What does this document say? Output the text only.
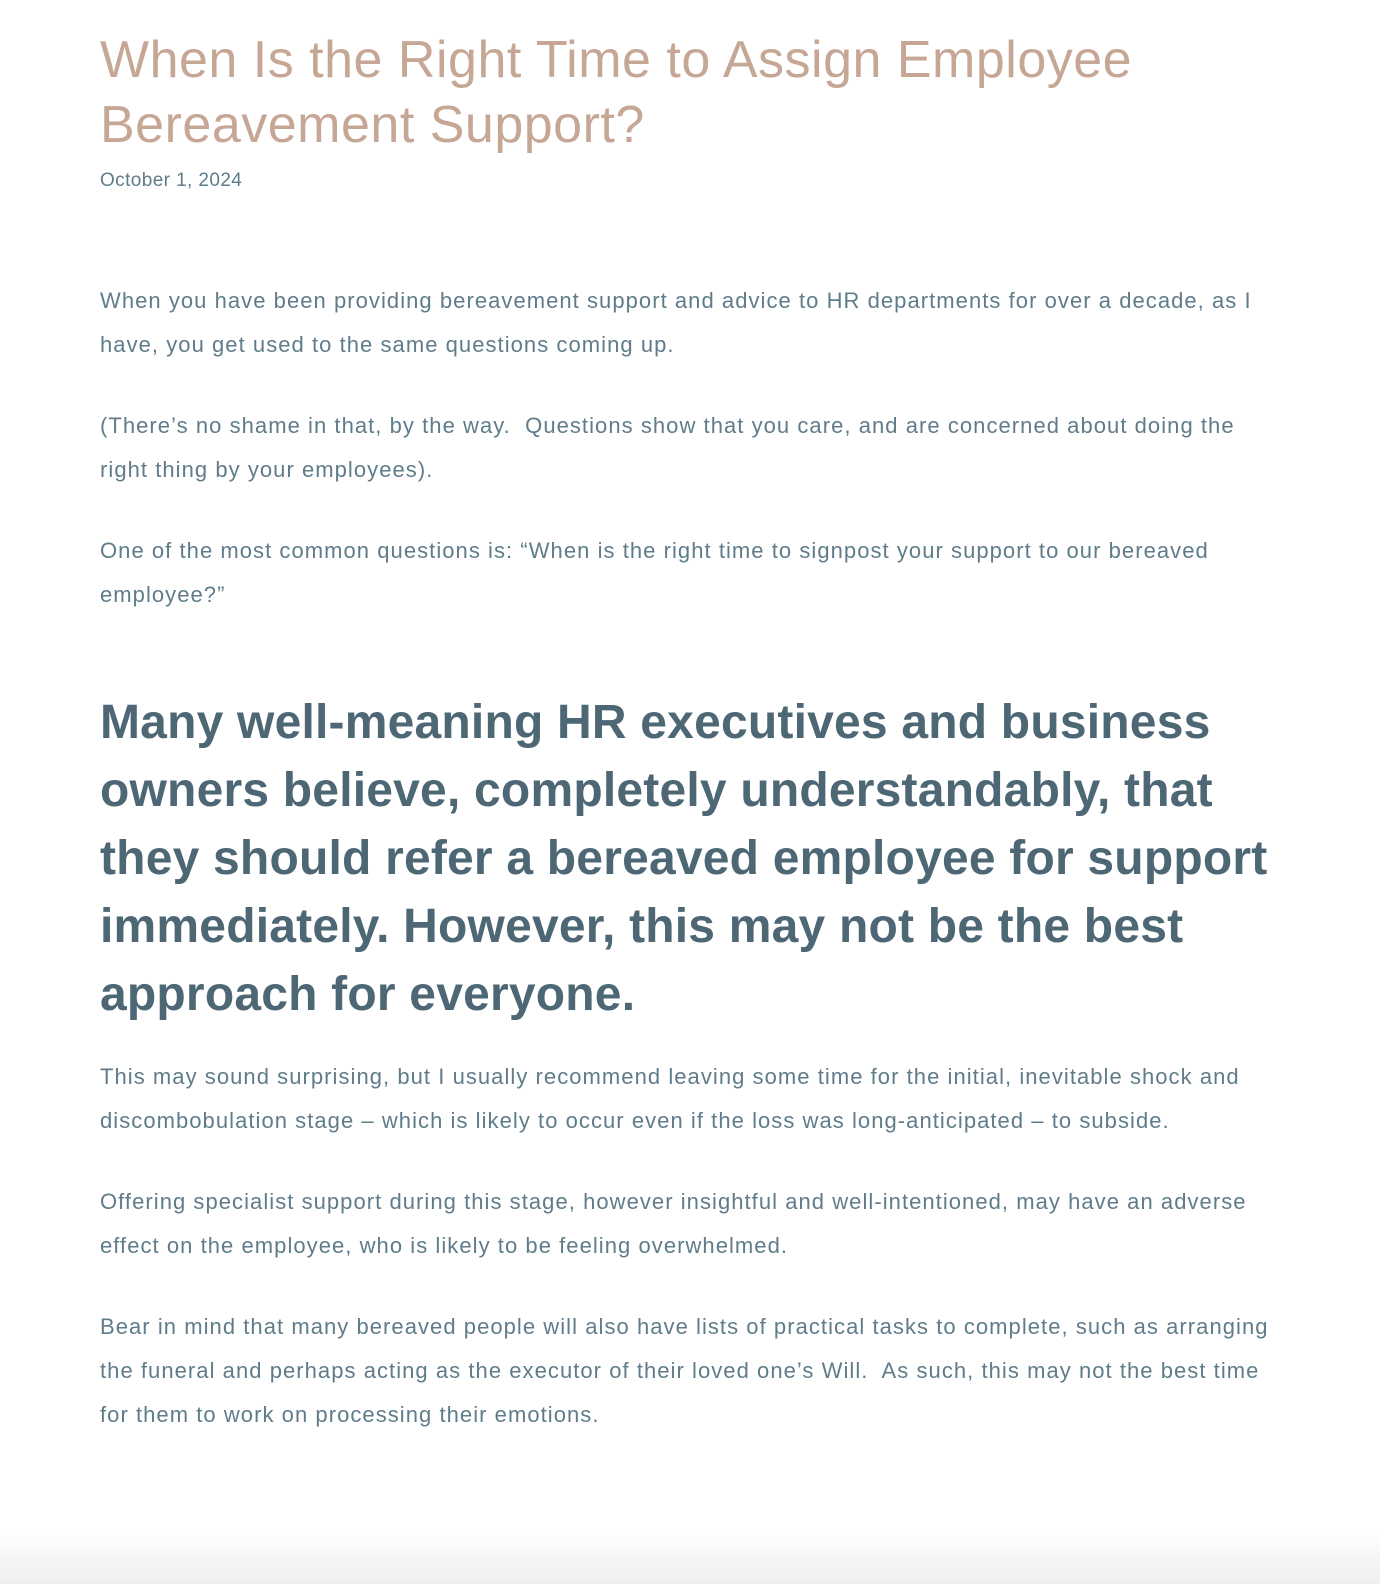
When Is the Right Time to Assign Employee Bereavement Support?
October 1, 2024

When you have been providing bereavement support and advice to HR departments for over a decade, as I have, you get used to the same questions coming up.

(There’s no shame in that, by the way.  Questions show that you care, and are concerned about doing the right thing by your employees).

One of the most common questions is: “When is the right time to signpost your support to our bereaved employee?”

Many well-meaning HR executives and business owners believe, completely understandably, that they should refer a bereaved employee for support immediately. However, this may not be the best approach for everyone.

This may sound surprising, but I usually recommend leaving some time for the initial, inevitable shock and discombobulation stage – which is likely to occur even if the loss was long-anticipated – to subside.

Offering specialist support during this stage, however insightful and well-intentioned, may have an adverse effect on the employee, who is likely to be feeling overwhelmed.

Bear in mind that many bereaved people will also have lists of practical tasks to complete, such as arranging the funeral and perhaps acting as the executor of their loved one’s Will.  As such, this may not the best time for them to work on processing their emotions.
